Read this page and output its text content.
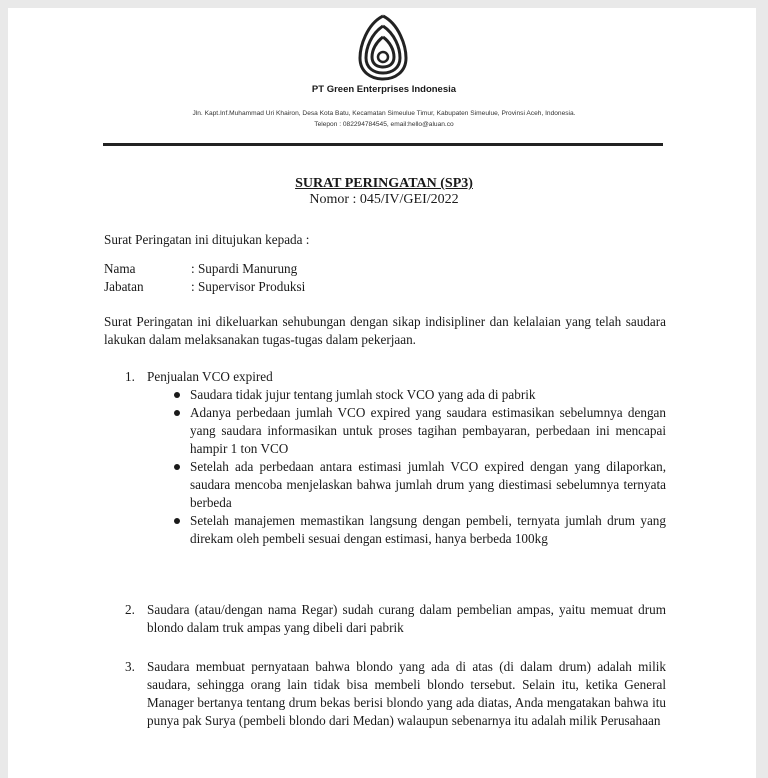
PT Green Enterprises Indonesia
Jln. Kapt.Inf.Muhammad Uri Khairon, Desa Kota Batu, Kecamatan Simeulue Timur, Kabupaten Simeulue, Provinsi Aceh, Indonesia.
Telepon : 082294784545, email:hello@aluan.co
SURAT PERINGATAN (SP3)
Nomor : 045/IV/GEI/2022
Surat Peringatan ini ditujukan kepada :
Nama	: Supardi Manurung
Jabatan	: Supervisor Produksi
Surat Peringatan ini dikeluarkan sehubungan dengan sikap indisipliner dan kelalaian yang telah saudara lakukan dalam melaksanakan tugas-tugas dalam pekerjaan.
1. Penjualan VCO expired
Saudara tidak jujur tentang jumlah stock VCO yang ada di pabrik
Adanya perbedaan jumlah VCO expired yang saudara estimasikan sebelumnya dengan yang saudara informasikan untuk proses tagihan pembayaran, perbedaan ini mencapai hampir 1 ton VCO
Setelah ada perbedaan antara estimasi jumlah VCO expired dengan yang dilaporkan, saudara mencoba menjelaskan bahwa jumlah drum yang diestimasi sebelumnya ternyata berbeda
Setelah manajemen memastikan langsung dengan pembeli, ternyata jumlah drum yang direkam oleh pembeli sesuai dengan estimasi, hanya berbeda 100kg
2. Saudara (atau/dengan nama Regar) sudah curang dalam pembelian ampas, yaitu memuat drum blondo dalam truk ampas yang dibeli dari pabrik
3. Saudara membuat pernyataan bahwa blondo yang ada di atas (di dalam drum) adalah milik saudara, sehingga orang lain tidak bisa membeli blondo tersebut. Selain itu, ketika General Manager bertanya tentang drum bekas berisi blondo yang ada diatas, Anda mengatakan bahwa itu punya pak Surya (pembeli blondo dari Medan) walaupun sebenarnya itu adalah milik Perusahaan
